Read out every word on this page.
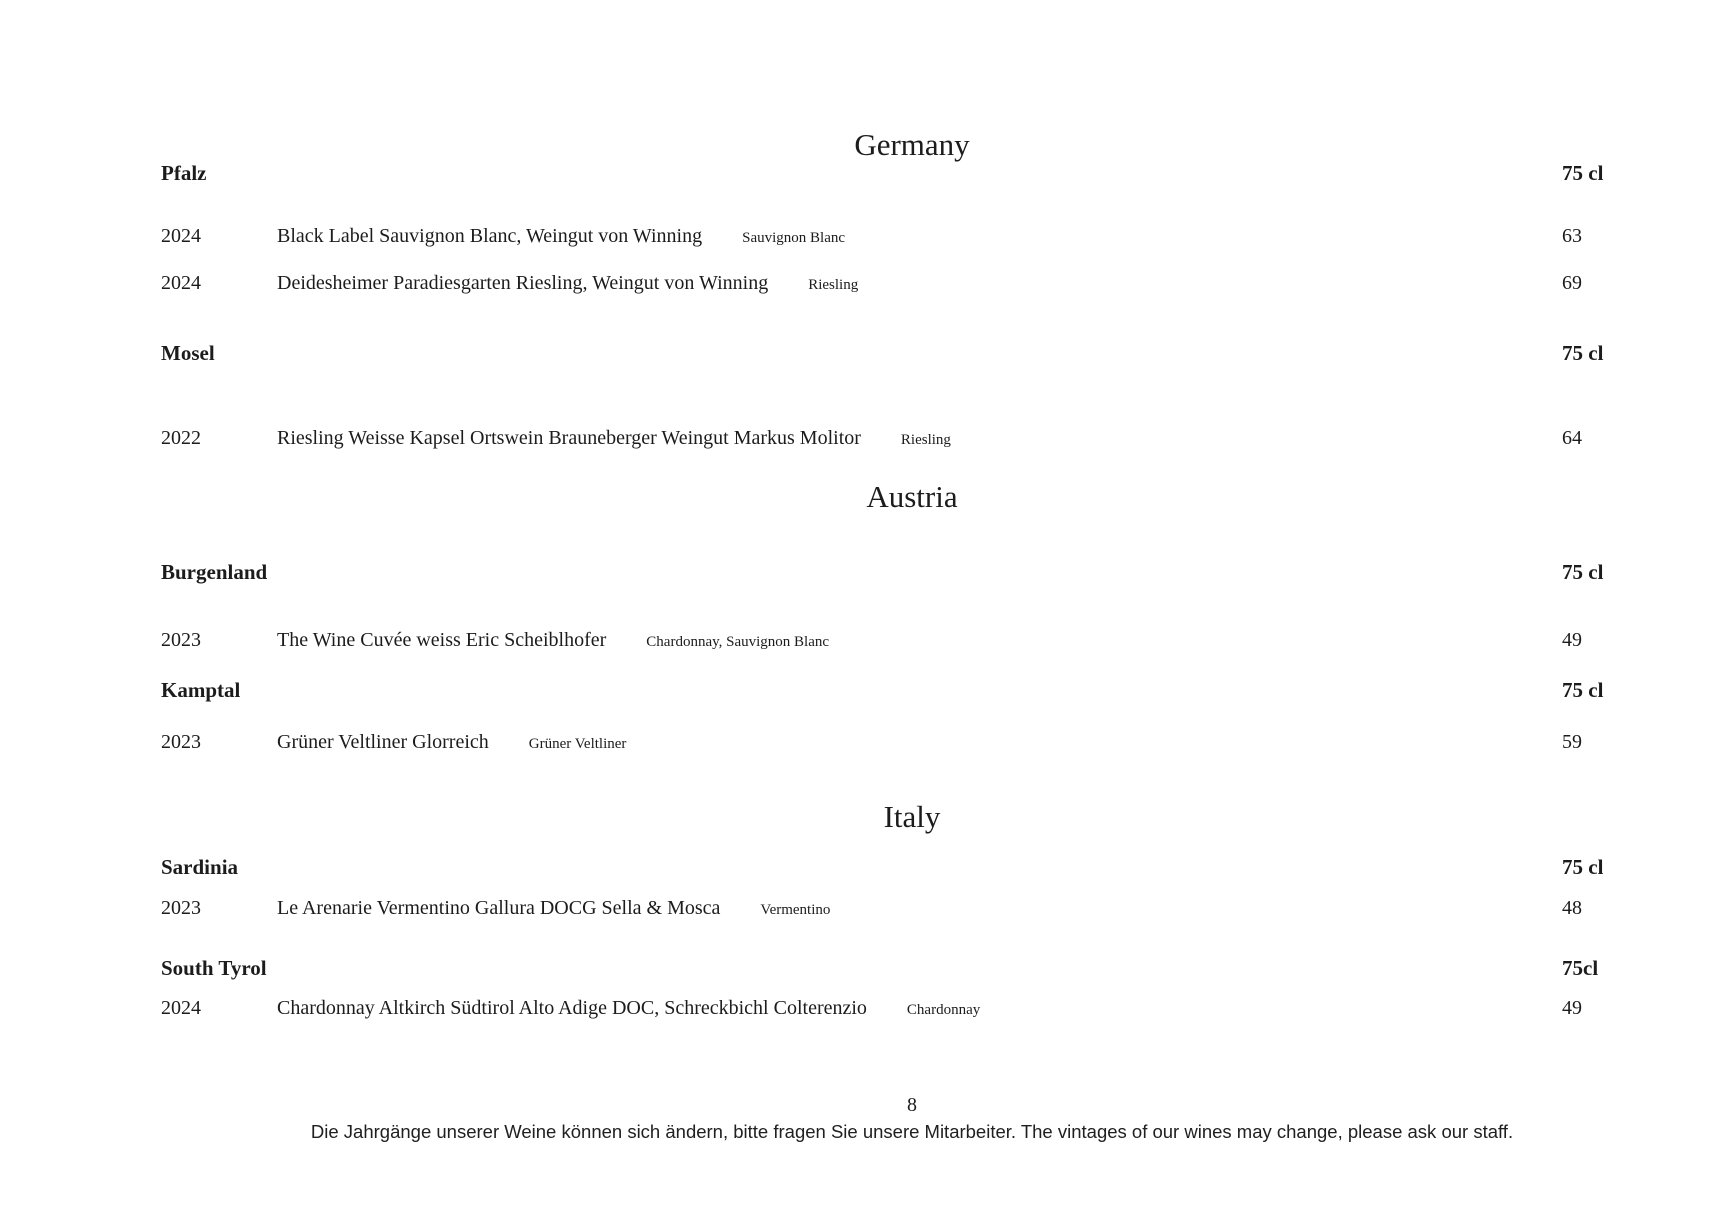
Germany
Pfalz	75 cl
2024	Black Label Sauvignon Blanc, Weingut von Winning	Sauvignon Blanc	63
2024	Deidesheimer Paradiesgarten Riesling, Weingut von Winning	Riesling	69
Mosel	75 cl
2022	Riesling Weisse Kapsel Ortswein Brauneberger Weingut Markus Molitor	Riesling	64
Austria
Burgenland	75 cl
2023	The Wine Cuvée weiss Eric Scheiblhofer	Chardonnay, Sauvignon Blanc	49
Kamptal	75 cl
2023	Grüner Veltliner Glorreich	Grüner Veltliner	59
Italy
Sardinia	75 cl
2023	Le Arenarie Vermentino Gallura DOCG Sella & Mosca	Vermentino	48
South Tyrol	75cl
2024	Chardonnay Altkirch Südtirol Alto Adige DOC, Schreckbichl Colterenzio	Chardonnay	49
8
Die Jahrgänge unserer Weine können sich ändern, bitte fragen Sie unsere Mitarbeiter. The vintages of our wines may change, please ask our staff.
